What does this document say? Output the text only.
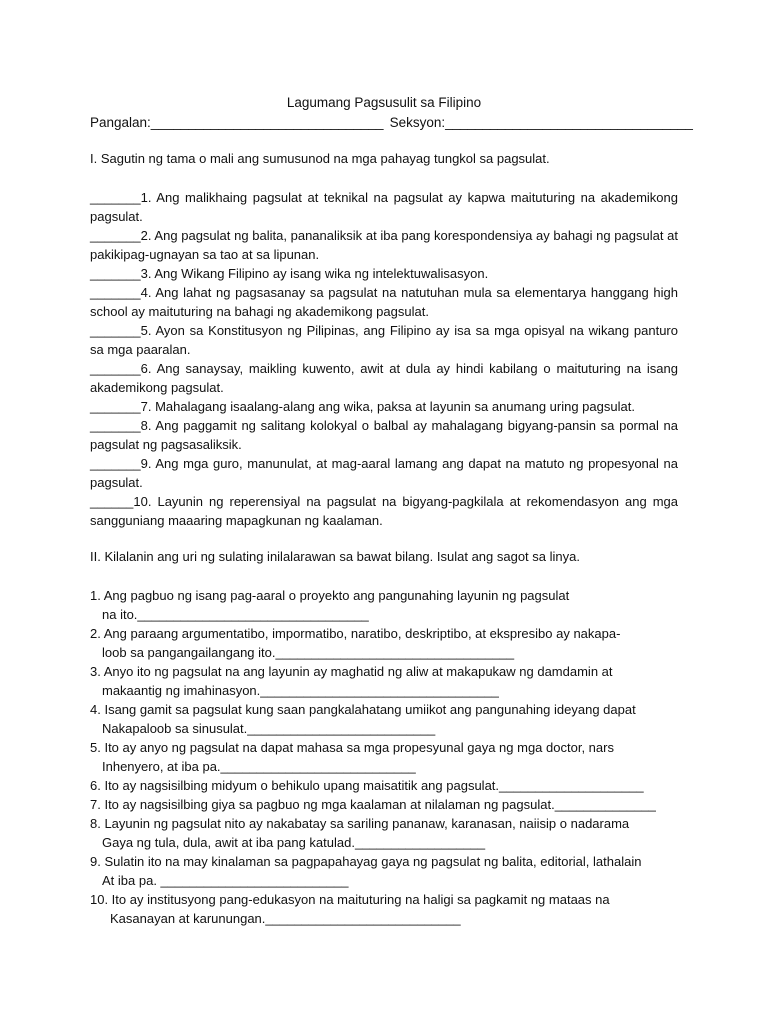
Lagumang Pagsusulit sa Filipino
Pangalan:_______________________________ Seksyon:_________________________________
I. Sagutin ng tama o mali ang sumusunod na mga pahayag tungkol sa pagsulat.

_______1. Ang malikhaing pagsulat at teknikal na pagsulat ay kapwa maituturing na akademikong pagsulat.

_______2. Ang pagsulat ng balita, pananaliksik at iba pang korespondensiya ay bahagi ng pagsulat at pakikipag-ugnayan sa tao at sa lipunan.

_______3. Ang Wikang Filipino ay isang wika ng intelektuwalisasyon.

_______4. Ang lahat ng pagsasanay sa pagsulat na natutuhan mula sa elementarya hanggang high school ay maituturing na bahagi ng akademikong pagsulat.

_______5. Ayon sa Konstitusyon ng Pilipinas, ang Filipino ay isa sa mga opisyal na wikang panturo sa mga paaralan.

_______6. Ang sanaysay, maikling kuwento, awit at dula ay hindi kabilang o maituturing na isang akademikong pagsulat.

_______7. Mahalagang isaalang-alang ang wika, paksa at layunin sa anumang uring pagsulat.

_______8. Ang paggamit ng salitang kolokyal o balbal ay mahalagang bigyang-pansin sa pormal na pagsulat ng pagsasaliksik.

_______9. Ang mga guro, manunulat, at mag-aaral lamang ang dapat na matuto ng propesyonal na pagsulat.

______10. Layunin ng reperensiyal na pagsulat na bigyang-pagkilala at rekomendasyon ang mga sangguniang maaaring mapagkunan ng kaalaman.

II. Kilalanin ang uri ng sulating inilalarawan sa bawat bilang. Isulat ang sagot sa linya.

1. Ang pagbuo ng isang pag-aaral o proyekto ang pangunahing layunin ng pagsulat
na ito.________________________________

2. Ang paraang argumentatibo, impormatibo, naratibo, deskriptibo, at ekspresibo ay nakapa-
loob sa pangangailangang ito._________________________________

3. Anyo ito ng pagsulat na ang layunin ay maghatid ng aliw at makapukaw ng damdamin at
makaantig ng imahinasyon._________________________________

4. Isang gamit sa pagsulat kung saan pangkalahatang umiikot ang pangunahing ideyang dapat
Nakapaloob sa sinusulat.__________________________

5. Ito ay anyo ng pagsulat na dapat mahasa sa mga propesyunal gaya ng mga doctor, nars
Inhenyero, at iba pa.___________________________

6. Ito ay nagsisilbing midyum o behikulo upang maisatitik ang pagsulat.____________________

7. Ito ay nagsisilbing giya sa pagbuo ng mga kaalaman at nilalaman ng pagsulat.______________

8. Layunin ng pagsulat nito ay nakabatay sa sariling pananaw, karanasan, naiisip o nadarama
Gaya ng tula, dula, awit at iba pang katulad.__________________

9. Sulatin ito na may kinalaman sa pagpapahayag gaya ng pagsulat ng balita, editorial, lathalain
At iba pa. __________________________

10. Ito ay institusyong pang-edukasyon na maituturing na haligi sa pagkamit ng mataas na
Kasanayan at karunungan.___________________________
